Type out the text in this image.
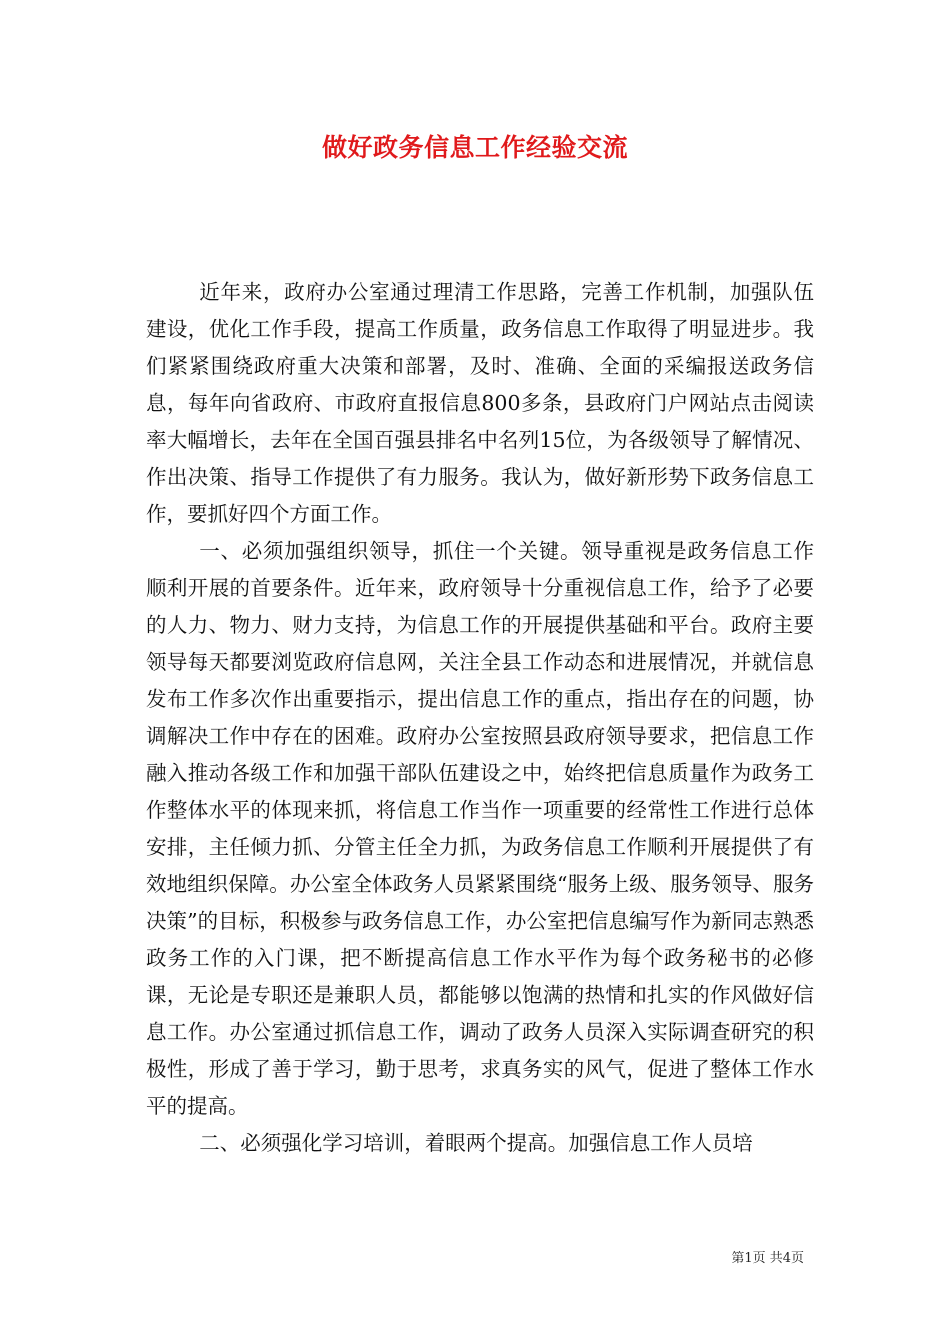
做好政务信息工作经验交流

近年来，政府办公室通过理清工作思路，完善工作机制，加强队伍建设，优化工作手段，提高工作质量，政务信息工作取得了明显进步。我们紧紧围绕政府重大决策和部署，及时、准确、全面的采编报送政务信息，每年向省政府、市政府直报信息800多条，县政府门户网站点击阅读率大幅增长，去年在全国百强县排名中名列15位，为各级领导了解情况、作出决策、指导工作提供了有力服务。我认为，做好新形势下政务信息工作，要抓好四个方面工作。

一、必须加强组织领导，抓住一个关键。领导重视是政务信息工作顺利开展的首要条件。近年来，政府领导十分重视信息工作，给予了必要的人力、物力、财力支持，为信息工作的开展提供基础和平台。政府主要领导每天都要浏览政府信息网，关注全县工作动态和进展情况，并就信息发布工作多次作出重要指示，提出信息工作的重点，指出存在的问题，协调解决工作中存在的困难。政府办公室按照县政府领导要求，把信息工作融入推动各级工作和加强干部队伍建设之中，始终把信息质量作为政务工作整体水平的体现来抓，将信息工作当作一项重要的经常性工作进行总体安排，主任倾力抓、分管主任全力抓，为政务信息工作顺利开展提供了有效地组织保障。办公室全体政务人员紧紧围绕“服务上级、服务领导、服务决策”的目标，积极参与政务信息工作，办公室把信息编写作为新同志熟悉政务工作的入门课，把不断提高信息工作水平作为每个政务秘书的必修课，无论是专职还是兼职人员，都能够以饱满的热情和扎实的作风做好信息工作。办公室通过抓信息工作，调动了政务人员深入实际调查研究的积极性，形成了善于学习，勤于思考，求真务实的风气，促进了整体工作水平的提高。

二、必须强化学习培训，着眼两个提高。加强信息工作人员培

第1页 共4页
